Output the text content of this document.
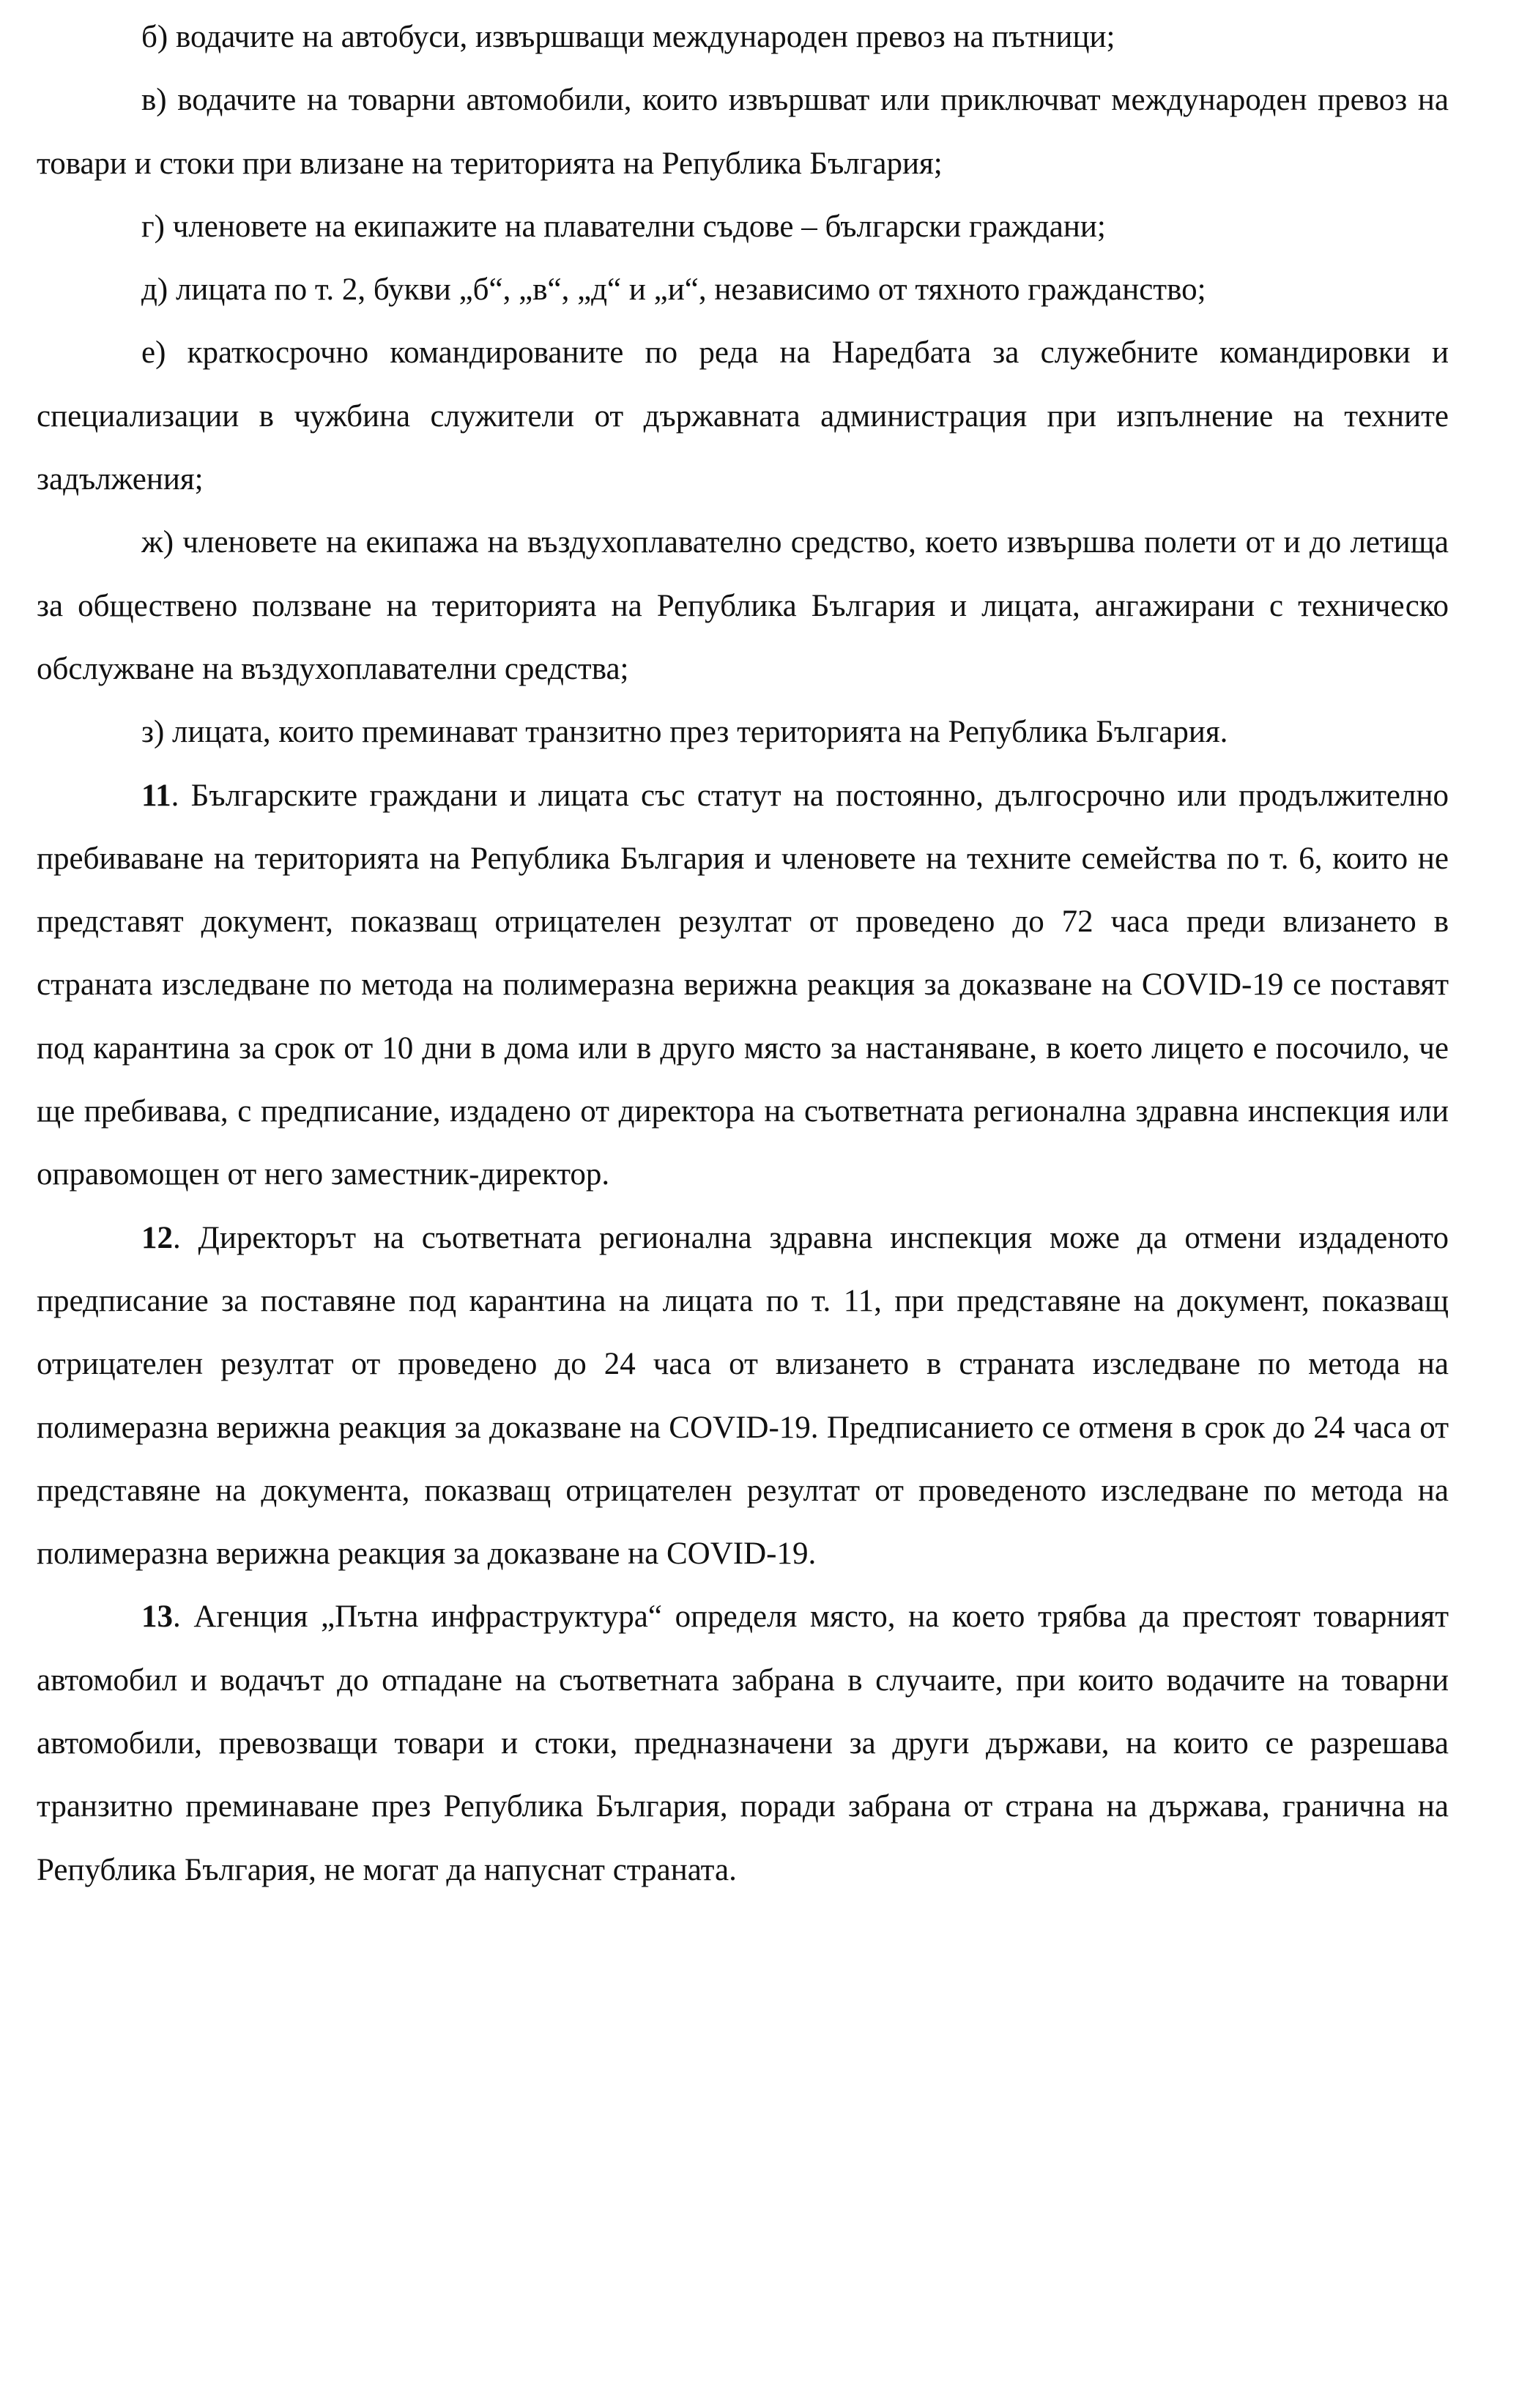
б) водачите на автобуси, извършващи международен превоз на пътници;

в) водачите на товарни автомобили, които извършват или приключват международен превоз на товари и стоки при влизане на територията на Република България;

г) членовете на екипажите на плавателни съдове – български граждани;

д) лицата по т. 2, букви „б“, „в“, „д“ и „и“, независимо от тяхното гражданство;

е) краткосрочно командированите по реда на Наредбата за служебните командировки и специализации в чужбина служители от държавната администрация при изпълнение на техните задължения;

ж) членовете на екипажа на въздухоплавателно средство, което извършва полети от и до летища за обществено ползване на територията на Република България и лицата, ангажирани с техническо обслужване на въздухоплавателни средства;

з) лицата, които преминават транзитно през територията на Република България.

11. Българските граждани и лицата със статут на постоянно, дългосрочно или продължително пребиваване на територията на Република България и членовете на техните семейства по т. 6, които не представят документ, показващ отрицателен резултат от проведено до 72 часа преди влизането в страната изследване по метода на полимеразна верижна реакция за доказване на COVID-19 се поставят под карантина за срок от 10 дни в дома или в друго място за настаняване, в което лицето е посочило, че ще пребивава, с предписание, издадено от директора на съответната регионална здравна инспекция или оправомощен от него заместник-директор.

12. Директорът на съответната регионална здравна инспекция може да отмени издаденото предписание за поставяне под карантина на лицата по т. 11, при представяне на документ, показващ отрицателен резултат от проведено до 24 часа от влизането в страната изследване по метода на полимеразна верижна реакция за доказване на COVID-19. Предписанието се отменя в срок до 24 часа от представяне на документа, показващ отрицателен резултат от проведеното изследване по метода на полимеразна верижна реакция за доказване на COVID-19.

13. Агенция „Пътна инфраструктура“ определя място, на което трябва да престоят товарният автомобил и водачът до отпадане на съответната забрана в случаите, при които водачите на товарни автомобили, превозващи товари и стоки, предназначени за други държави, на които се разрешава транзитно преминаване през Република България, поради забрана от страна на държава, гранична на Република България, не могат да напуснат страната.
